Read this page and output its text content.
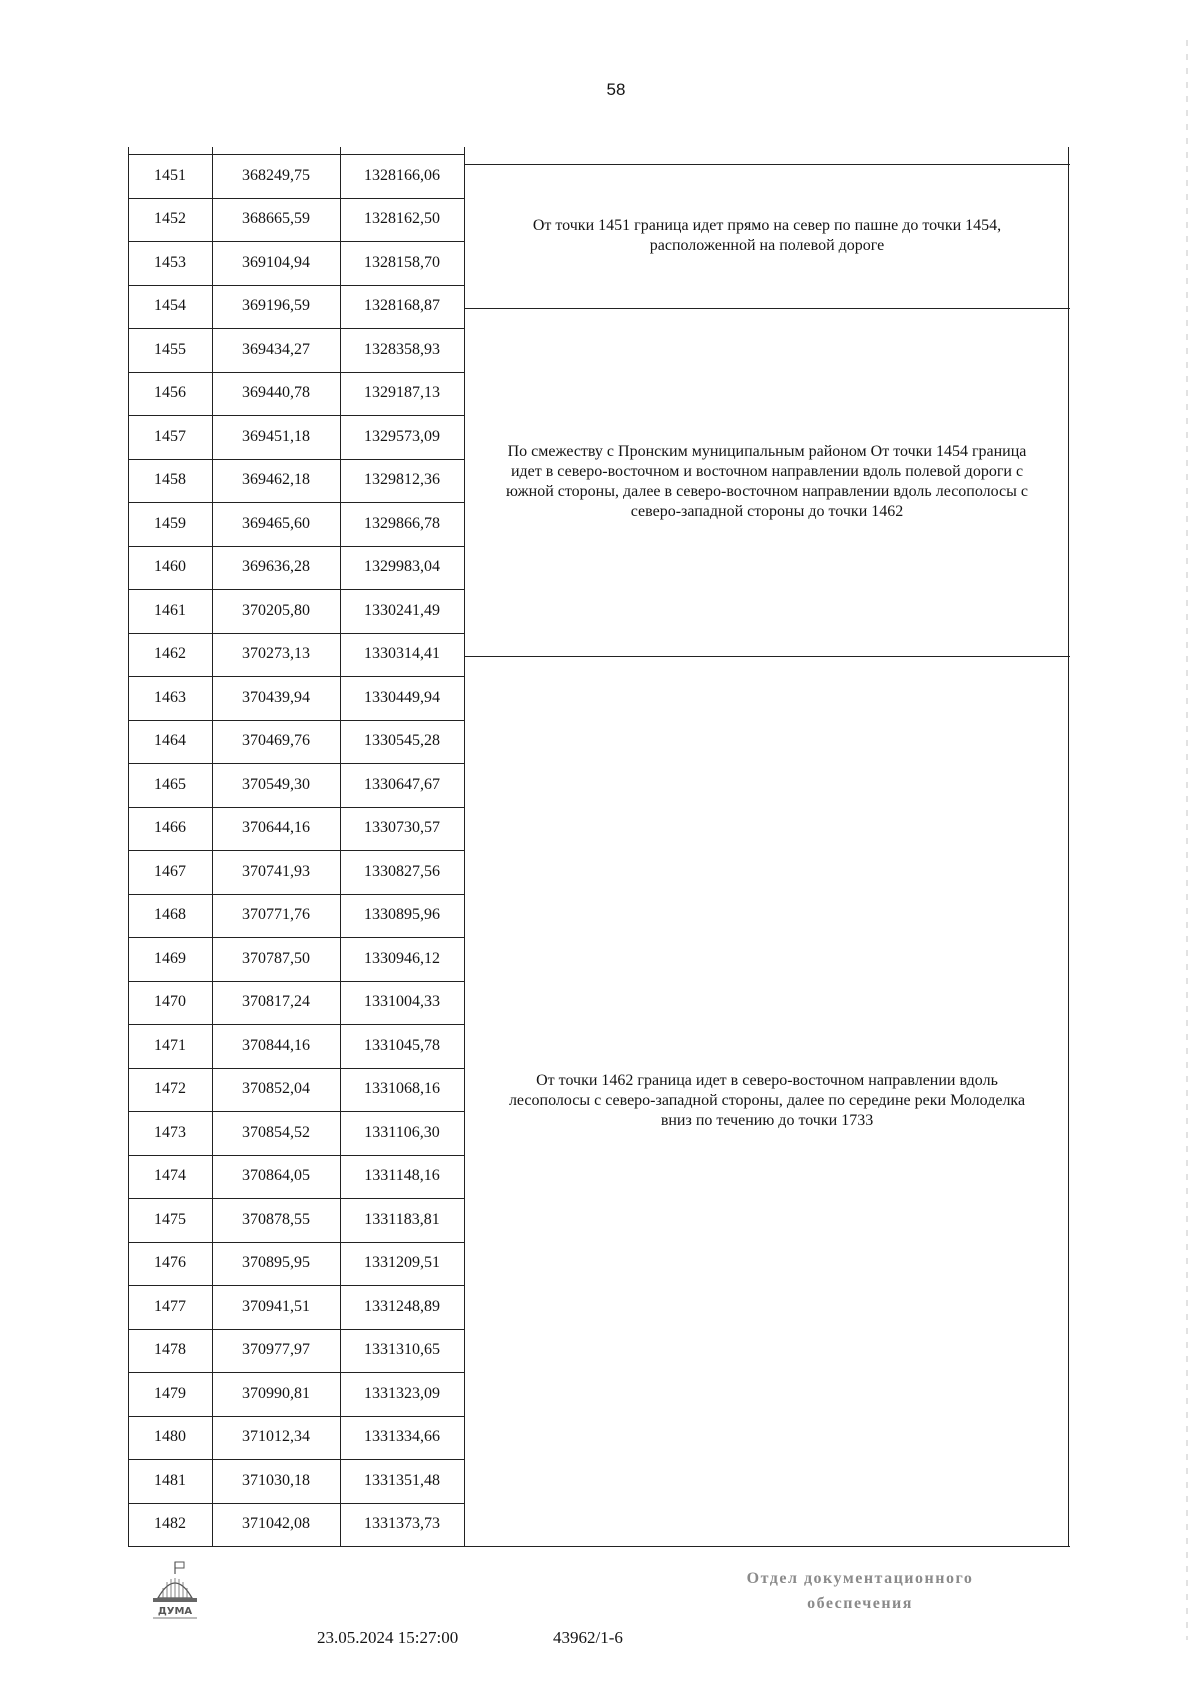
58
1451	368249,75	1328166,06
1452	368665,59	1328162,50
1453	369104,94	1328158,70
1454	369196,59	1328168,87
1455	369434,27	1328358,93
1456	369440,78	1329187,13
1457	369451,18	1329573,09
1458	369462,18	1329812,36
1459	369465,60	1329866,78
1460	369636,28	1329983,04
1461	370205,80	1330241,49
1462	370273,13	1330314,41
1463	370439,94	1330449,94
1464	370469,76	1330545,28
1465	370549,30	1330647,67
1466	370644,16	1330730,57
1467	370741,93	1330827,56
1468	370771,76	1330895,96
1469	370787,50	1330946,12
1470	370817,24	1331004,33
1471	370844,16	1331045,78
1472	370852,04	1331068,16
1473	370854,52	1331106,30
1474	370864,05	1331148,16
1475	370878,55	1331183,81
1476	370895,95	1331209,51
1477	370941,51	1331248,89
1478	370977,97	1331310,65
1479	370990,81	1331323,09
1480	371012,34	1331334,66
1481	371030,18	1331351,48
1482	371042,08	1331373,73

От точки 1451 граница идет прямо на север по пашне до точки 1454, расположенной на полевой дороге

По смежеству с Пронским муниципальным районом От точки 1454 граница идет в северо-восточном и восточном направлении вдоль полевой дороги с южной стороны, далее в северо-восточном направлении вдоль лесополосы с северо-западной стороны до точки 1462

От точки 1462 граница идет в северо-восточном направлении вдоль лесополосы с северо-западной стороны, далее по середине реки Молоделка вниз по течению до точки 1733

ДУМА
23.05.2024 15:27:00	43962/1-6
Отдел документационного
обеспечения
